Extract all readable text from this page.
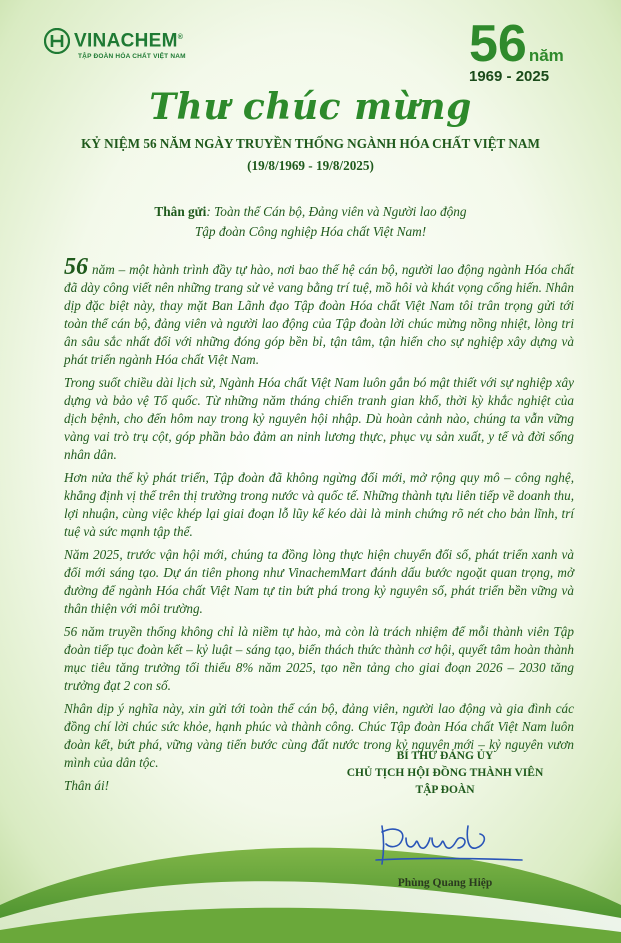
VINACHEM®
TẬP ĐOÀN HÓA CHẤT VIỆT NAM	56 năm
1969 - 2025
Thư chúc mừng
KỶ NIỆM 56 NĂM NGÀY TRUYỀN THỐNG NGÀNH HÓA CHẤT VIỆT NAM
(19/8/1969 - 19/8/2025)
Thân gửi: Toàn thể Cán bộ, Đảng viên và Người lao động
Tập đoàn Công nghiệp Hóa chất Việt Nam!

56 năm – một hành trình đầy tự hào, nơi bao thế hệ cán bộ, người lao động ngành Hóa chất đã dày công viết nên những trang sử vẻ vang bằng trí tuệ, mồ hôi và khát vọng cống hiến. Nhân dịp đặc biệt này, thay mặt Ban Lãnh đạo Tập đoàn Hóa chất Việt Nam tôi trân trọng gửi tới toàn thể cán bộ, đảng viên và người lao động của Tập đoàn lời chúc mừng nồng nhiệt, lòng tri ân sâu sắc nhất đối với những đóng góp bền bỉ, tận tâm, tận hiến cho sự nghiệp xây dựng và phát triển ngành Hóa chất Việt Nam.

Trong suốt chiều dài lịch sử, Ngành Hóa chất Việt Nam luôn gắn bó mật thiết với sự nghiệp xây dựng và bảo vệ Tổ quốc. Từ những năm tháng chiến tranh gian khổ, thời kỳ khắc nghiệt của dịch bệnh, cho đến hôm nay trong kỷ nguyên hội nhập. Dù hoàn cảnh nào, chúng ta vẫn vững vàng vai trò trụ cột, góp phần bảo đảm an ninh lương thực, phục vụ sản xuất, y tế và đời sống nhân dân.

Hơn nửa thế kỷ phát triển, Tập đoàn đã không ngừng đổi mới, mở rộng quy mô – công nghệ, khẳng định vị thế trên thị trường trong nước và quốc tế. Những thành tựu liên tiếp về doanh thu, lợi nhuận, cùng việc khép lại giai đoạn lỗ lũy kế kéo dài là minh chứng rõ nét cho bản lĩnh, trí tuệ và sức mạnh tập thể.

Năm 2025, trước vận hội mới, chúng ta đồng lòng thực hiện chuyển đổi số, phát triển xanh và đổi mới sáng tạo. Dự án tiên phong như VinachemMart đánh dấu bước ngoặt quan trọng, mở đường để ngành Hóa chất Việt Nam tự tin bứt phá trong kỷ nguyên số, phát triển bền vững và thân thiện với môi trường.

56 năm truyền thống không chỉ là niềm tự hào, mà còn là trách nhiệm để mỗi thành viên Tập đoàn tiếp tục đoàn kết – kỷ luật – sáng tạo, biến thách thức thành cơ hội, quyết tâm hoàn thành mục tiêu tăng trưởng tối thiểu 8% năm 2025, tạo nền tảng cho giai đoạn 2026 – 2030 tăng trưởng đạt 2 con số.

Nhân dịp ý nghĩa này, xin gửi tới toàn thể cán bộ, đảng viên, người lao động và gia đình các đồng chí lời chúc sức khỏe, hạnh phúc và thành công. Chúc Tập đoàn Hóa chất Việt Nam luôn đoàn kết, bứt phá, vững vàng tiến bước cùng đất nước trong kỷ nguyên mới – kỷ nguyên vươn mình của dân tộc.

Thân ái!
BÍ THƯ ĐẢNG ỦY
CHỦ TỊCH HỘI ĐỒNG THÀNH VIÊN
TẬP ĐOÀN
Phùng Quang Hiệp
